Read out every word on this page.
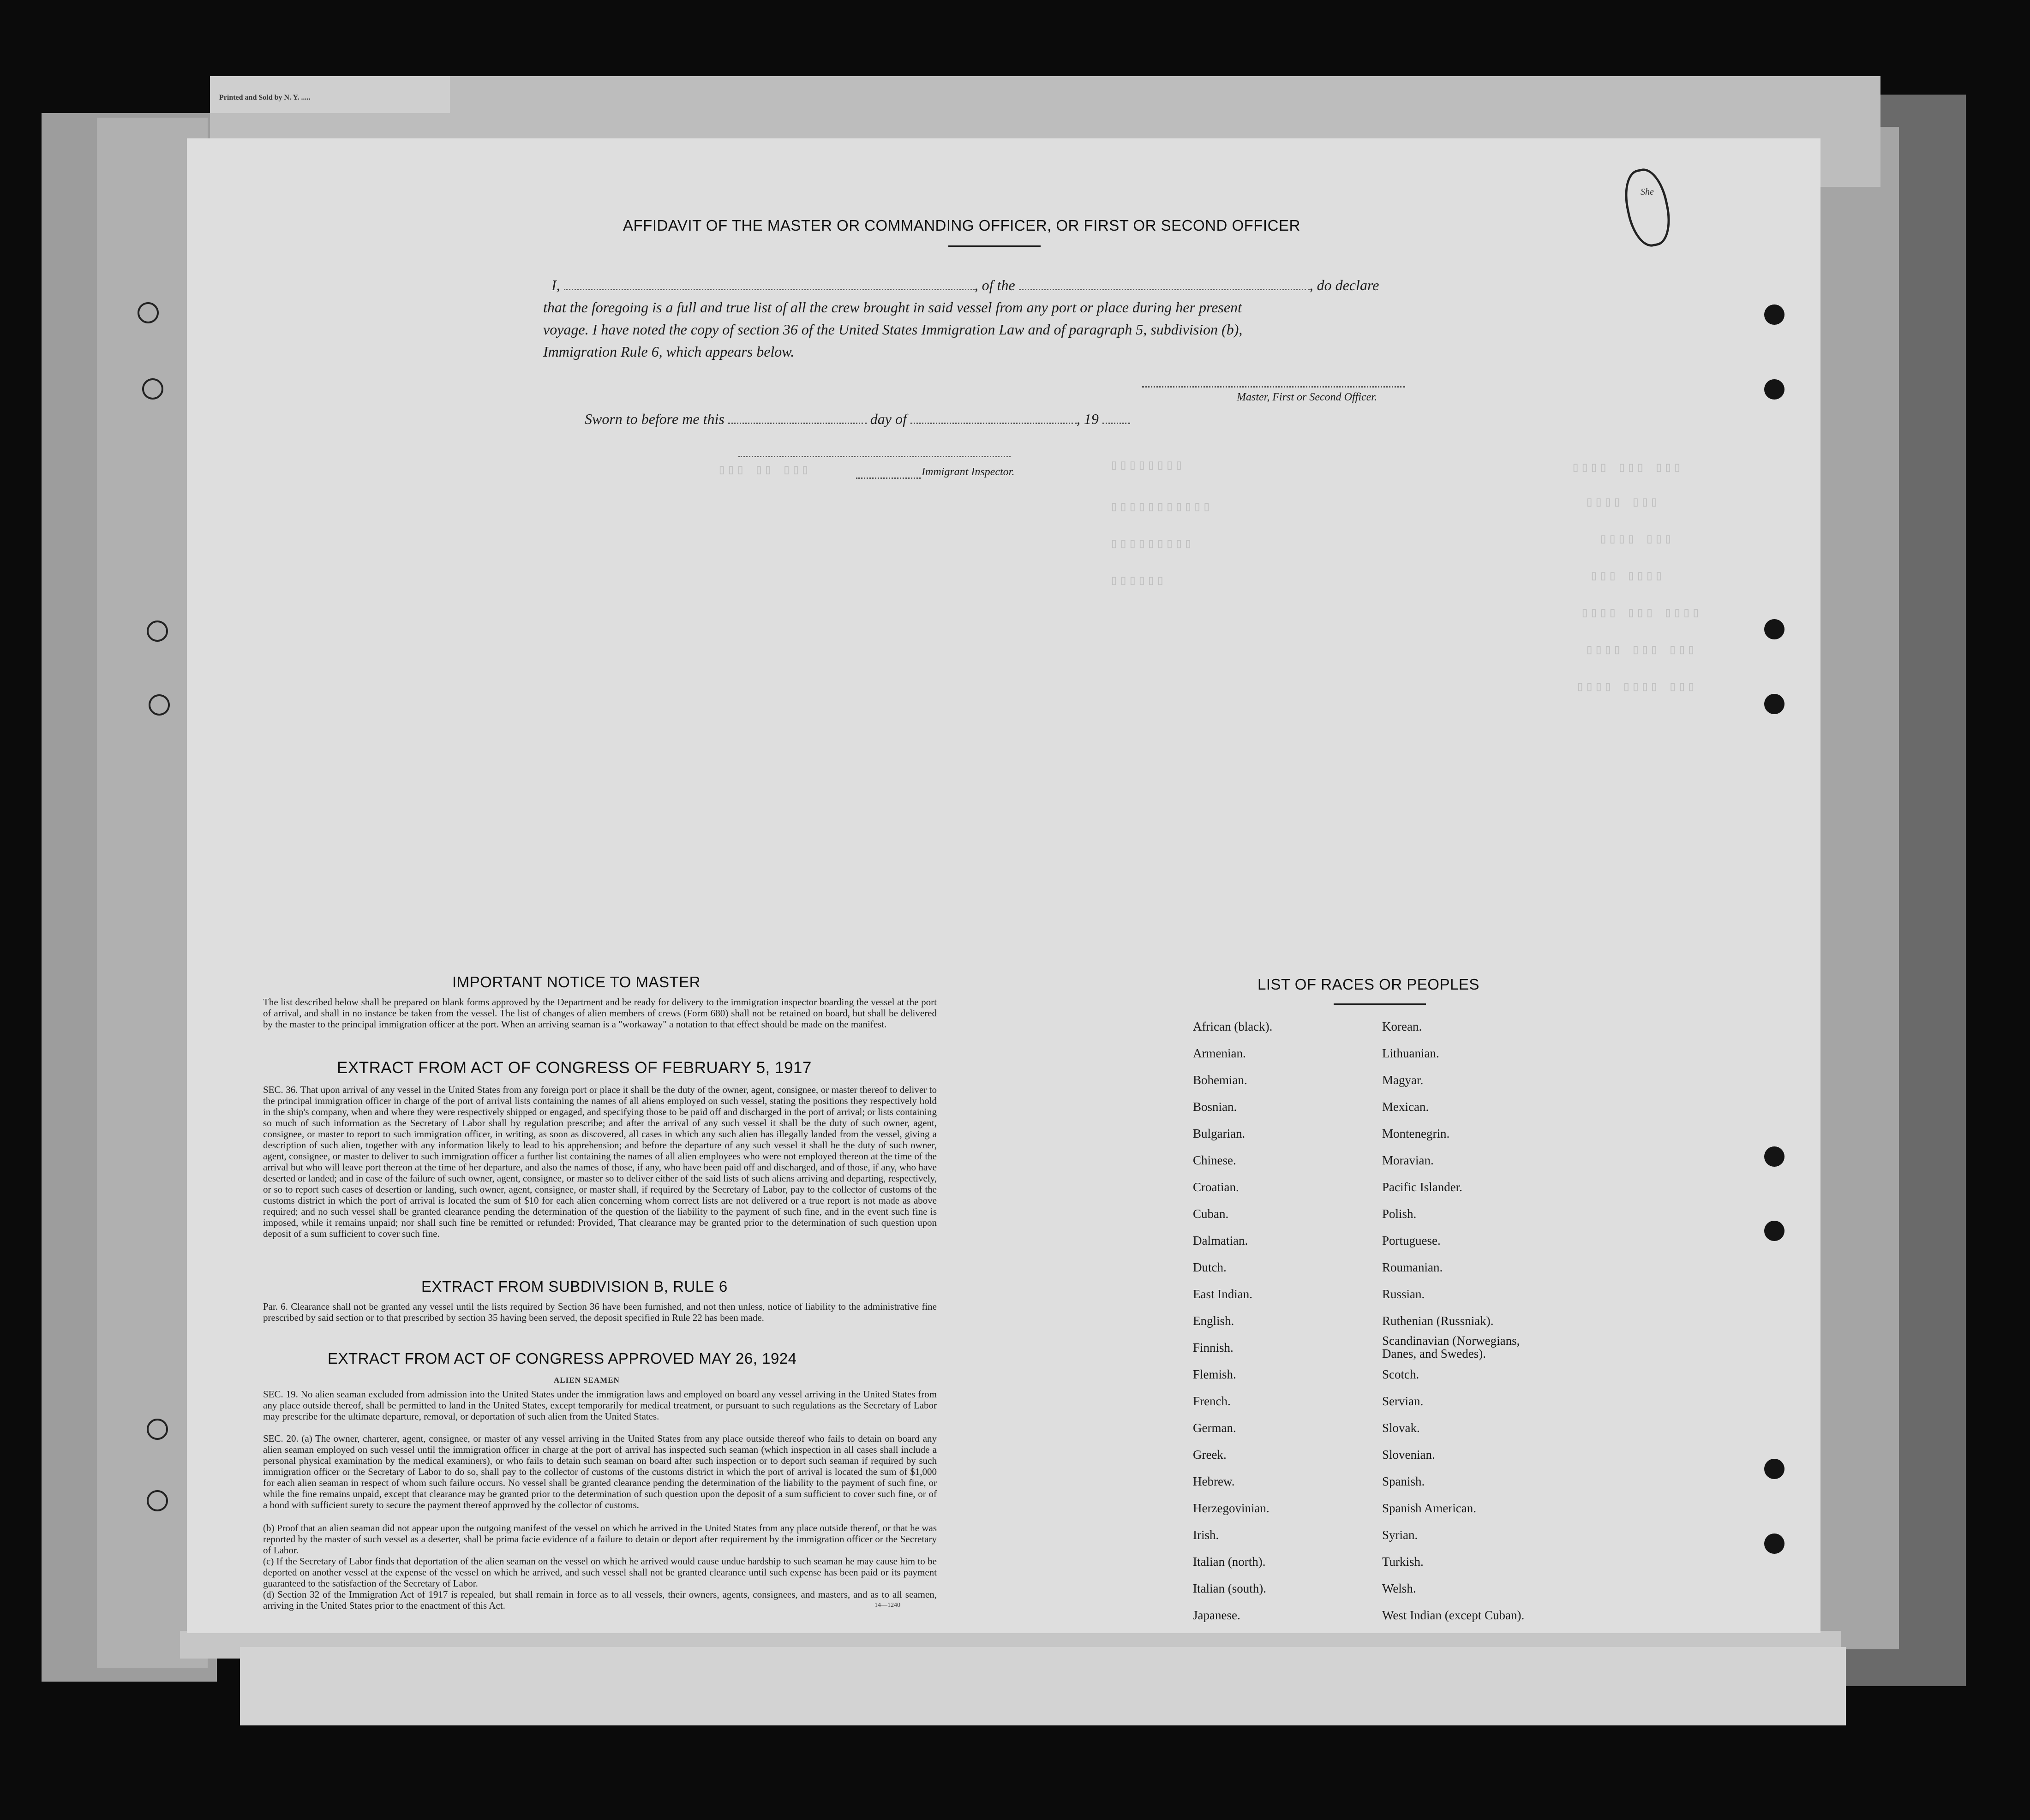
Printed and Sold by N. Y. .....
▯▯▯▯ ▯▯▯ ▯▯▯
▯▯▯▯ ▯▯▯
▯▯▯▯ ▯▯▯
▯▯▯ ▯▯▯▯
▯▯▯▯ ▯▯▯ ▯▯▯▯
▯▯▯▯ ▯▯▯ ▯▯▯
▯▯▯▯ ▯▯▯▯ ▯▯▯
▯▯▯▯▯▯▯▯
▯▯▯▯▯▯▯▯▯▯▯
▯▯▯▯▯▯▯▯▯
▯▯▯▯▯▯
▯▯▯ ▯▯ ▯▯▯
She
AFFIDAVIT OF THE MASTER OR COMMANDING OFFICER, OR FIRST OR SECOND OFFICER
I,	, of the	, do declare
that the foregoing is a full and true list of all the crew brought in said vessel from any port or place during her present
voyage. I have noted the copy of section 36 of the United States Immigration Law and of paragraph 5, subdivision (b),
Immigration Rule 6, which appears below.
Master, First or Second Officer.
Sworn to before me this	day of	, 19
Immigrant Inspector.
IMPORTANT NOTICE TO MASTER
The list described below shall be prepared on blank forms approved by the Department and be ready for delivery to the immigration inspector boarding the vessel at the port of arrival, and shall in no instance be taken from the vessel. The list of changes of alien members of crews (Form 680) shall not be retained on board, but shall be delivered by the master to the principal immigration officer at the port. When an arriving seaman is a "workaway" a notation to that effect should be made on the manifest.
EXTRACT FROM ACT OF CONGRESS OF FEBRUARY 5, 1917
SEC. 36. That upon arrival of any vessel in the United States from any foreign port or place it shall be the duty of the owner, agent, consignee, or master thereof to deliver to the principal immigration officer in charge of the port of arrival lists containing the names of all aliens employed on such vessel, stating the positions they respectively hold in the ship's company, when and where they were respectively shipped or engaged, and specifying those to be paid off and discharged in the port of arrival; or lists containing so much of such information as the Secretary of Labor shall by regulation prescribe; and after the arrival of any such vessel it shall be the duty of such owner, agent, consignee, or master to report to such immigration officer, in writing, as soon as discovered, all cases in which any such alien has illegally landed from the vessel, giving a description of such alien, together with any information likely to lead to his apprehension; and before the departure of any such vessel it shall be the duty of such owner, agent, consignee, or master to deliver to such immigration officer a further list containing the names of all alien employees who were not employed thereon at the time of the arrival but who will leave port thereon at the time of her departure, and also the names of those, if any, who have been paid off and discharged, and of those, if any, who have deserted or landed; and in case of the failure of such owner, agent, consignee, or master so to deliver either of the said lists of such aliens arriving and departing, respectively, or so to report such cases of desertion or landing, such owner, agent, consignee, or master shall, if required by the Secretary of Labor, pay to the collector of customs of the customs district in which the port of arrival is located the sum of $10 for each alien concerning whom correct lists are not delivered or a true report is not made as above required; and no such vessel shall be granted clearance pending the determination of the question of the liability to the payment of such fine, and in the event such fine is imposed, while it remains unpaid; nor shall such fine be remitted or refunded: Provided, That clearance may be granted prior to the determination of such question upon deposit of a sum sufficient to cover such fine.
EXTRACT FROM SUBDIVISION B, RULE 6
Par. 6. Clearance shall not be granted any vessel until the lists required by Section 36 have been furnished, and not then unless, notice of liability to the administrative fine prescribed by said section or to that prescribed by section 35 having been served, the deposit specified in Rule 22 has been made.
EXTRACT FROM ACT OF CONGRESS APPROVED MAY 26, 1924
ALIEN SEAMEN
SEC. 19. No alien seaman excluded from admission into the United States under the immigration laws and employed on board any vessel arriving in the United States from any place outside thereof, shall be permitted to land in the United States, except temporarily for medical treatment, or pursuant to such regulations as the Secretary of Labor may prescribe for the ultimate departure, removal, or deportation of such alien from the United States.
SEC. 20. (a) The owner, charterer, agent, consignee, or master of any vessel arriving in the United States from any place outside thereof who fails to detain on board any alien seaman employed on such vessel until the immigration officer in charge at the port of arrival has inspected such seaman (which inspection in all cases shall include a personal physical examination by the medical examiners), or who fails to detain such seaman on board after such inspection or to deport such seaman if required by such immigration officer or the Secretary of Labor to do so, shall pay to the collector of customs of the customs district in which the port of arrival is located the sum of $1,000 for each alien seaman in respect of whom such failure occurs. No vessel shall be granted clearance pending the determination of the liability to the payment of such fine, or while the fine remains unpaid, except that clearance may be granted prior to the determination of such question upon the deposit of a sum sufficient to cover such fine, or of a bond with sufficient surety to secure the payment thereof approved by the collector of customs.
(b) Proof that an alien seaman did not appear upon the outgoing manifest of the vessel on which he arrived in the United States from any place outside thereof, or that he was reported by the master of such vessel as a deserter, shall be prima facie evidence of a failure to detain or deport after requirement by the immigration officer or the Secretary of Labor.
(c) If the Secretary of Labor finds that deportation of the alien seaman on the vessel on which he arrived would cause undue hardship to such seaman he may cause him to be deported on another vessel at the expense of the vessel on which he arrived, and such vessel shall not be granted clearance until such expense has been paid or its payment guaranteed to the satisfaction of the Secretary of Labor.
(d) Section 32 of the Immigration Act of 1917 is repealed, but shall remain in force as to all vessels, their owners, agents, consignees, and masters, and as to all seamen, arriving in the United States prior to the enactment of this Act.	14—1240
LIST OF RACES OR PEOPLES
African (black).
Armenian.
Bohemian.
Bosnian.
Bulgarian.
Chinese.
Croatian.
Cuban.
Dalmatian.
Dutch.
East Indian.
English.
Finnish.
Flemish.
French.
German.
Greek.
Hebrew.
Herzegovinian.
Irish.
Italian (north).
Italian (south).
Japanese.
Korean.
Lithuanian.
Magyar.
Mexican.
Montenegrin.
Moravian.
Pacific Islander.
Polish.
Portuguese.
Roumanian.
Russian.
Ruthenian (Russniak).
Scandinavian (Norwegians, Danes, and Swedes).
Scotch.
Servian.
Slovak.
Slovenian.
Spanish.
Spanish American.
Syrian.
Turkish.
Welsh.
West Indian (except Cuban).
